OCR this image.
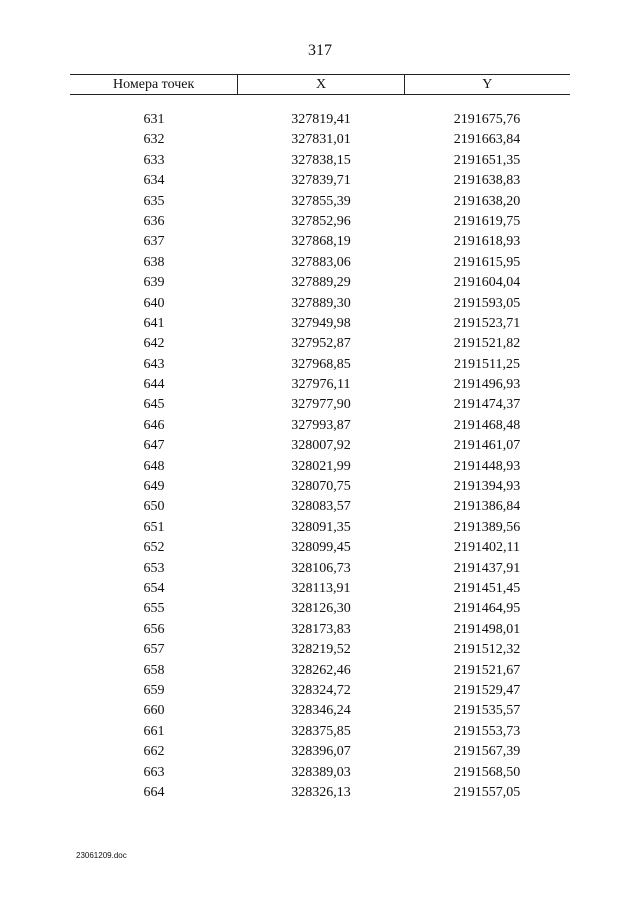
317
Номера точек	X	Y
631	327819,41	2191675,76
632	327831,01	2191663,84
633	327838,15	2191651,35
634	327839,71	2191638,83
635	327855,39	2191638,20
636	327852,96	2191619,75
637	327868,19	2191618,93
638	327883,06	2191615,95
639	327889,29	2191604,04
640	327889,30	2191593,05
641	327949,98	2191523,71
642	327952,87	2191521,82
643	327968,85	2191511,25
644	327976,11	2191496,93
645	327977,90	2191474,37
646	327993,87	2191468,48
647	328007,92	2191461,07
648	328021,99	2191448,93
649	328070,75	2191394,93
650	328083,57	2191386,84
651	328091,35	2191389,56
652	328099,45	2191402,11
653	328106,73	2191437,91
654	328113,91	2191451,45
655	328126,30	2191464,95
656	328173,83	2191498,01
657	328219,52	2191512,32
658	328262,46	2191521,67
659	328324,72	2191529,47
660	328346,24	2191535,57
661	328375,85	2191553,73
662	328396,07	2191567,39
663	328389,03	2191568,50
664	328326,13	2191557,05
23061209.doc
